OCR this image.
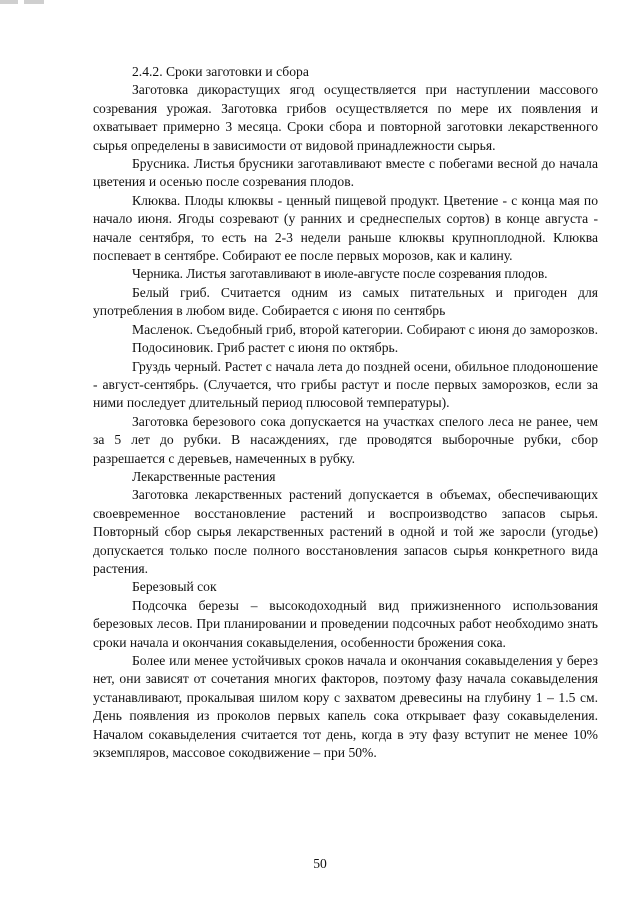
2.4.2. Сроки заготовки и сбора

Заготовка дикорастущих ягод осуществляется при наступлении массового созревания урожая. Заготовка грибов осуществляется по мере их появления и охватывает примерно 3 месяца. Сроки сбора и повторной заготовки лекарственного сырья определены в зависимости от видовой принадлежности сырья.

Брусника. Листья брусники заготавливают вместе с побегами весной до начала цветения и осенью после созревания плодов.

Клюква. Плоды клюквы - ценный пищевой продукт. Цветение - с конца мая по начало июня. Ягоды созревают (у ранних и среднеспелых сортов) в конце августа - начале сентября, то есть на 2-3 недели раньше клюквы крупноплодной. Клюква поспевает в сентябре. Собирают ее после первых морозов, как и калину.

Черника. Листья заготавливают в июле-августе после созревания плодов.

Белый гриб. Считается одним из самых питательных и пригоден для употребления в любом виде. Собирается с июня по сентябрь

Масленок. Съедобный гриб, второй категории. Собирают с июня до заморозков.

Подосиновик. Гриб растет с июня по октябрь.

Груздь черный. Растет с начала лета до поздней осени, обильное плодоношение - август-сентябрь. (Случается, что грибы растут и после первых заморозков, если за ними последует длительный период плюсовой температуры).

Заготовка березового сока допускается на участках спелого леса не ранее, чем за 5 лет до рубки. В насаждениях, где проводятся выборочные рубки, сбор разрешается с деревьев, намеченных в рубку.

Лекарственные растения

Заготовка лекарственных растений допускается в объемах, обеспечивающих своевременное восстановление растений и воспроизводство запасов сырья. Повторный сбор сырья лекарственных растений в одной и той же заросли (угодье) допускается только после полного восстановления запасов сырья конкретного вида растения.

Березовый сок

Подсочка березы – высокодоходный вид прижизненного использования березовых лесов. При планировании и проведении подсочных работ необходимо знать сроки начала и окончания сокавыделения, особенности брожения сока.

Более или менее устойчивых сроков начала и окончания сокавыделения у берез нет, они зависят от сочетания многих факторов, поэтому фазу начала сокавыделения устанавливают, прокалывая шилом кору с захватом древесины на глубину 1 – 1.5 см. День появления из проколов первых капель сока открывает фазу сокавыделения. Началом сокавыделения считается тот день, когда в эту фазу вступит не менее 10% экземпляров, массовое сокодвижение – при 50%.

50
